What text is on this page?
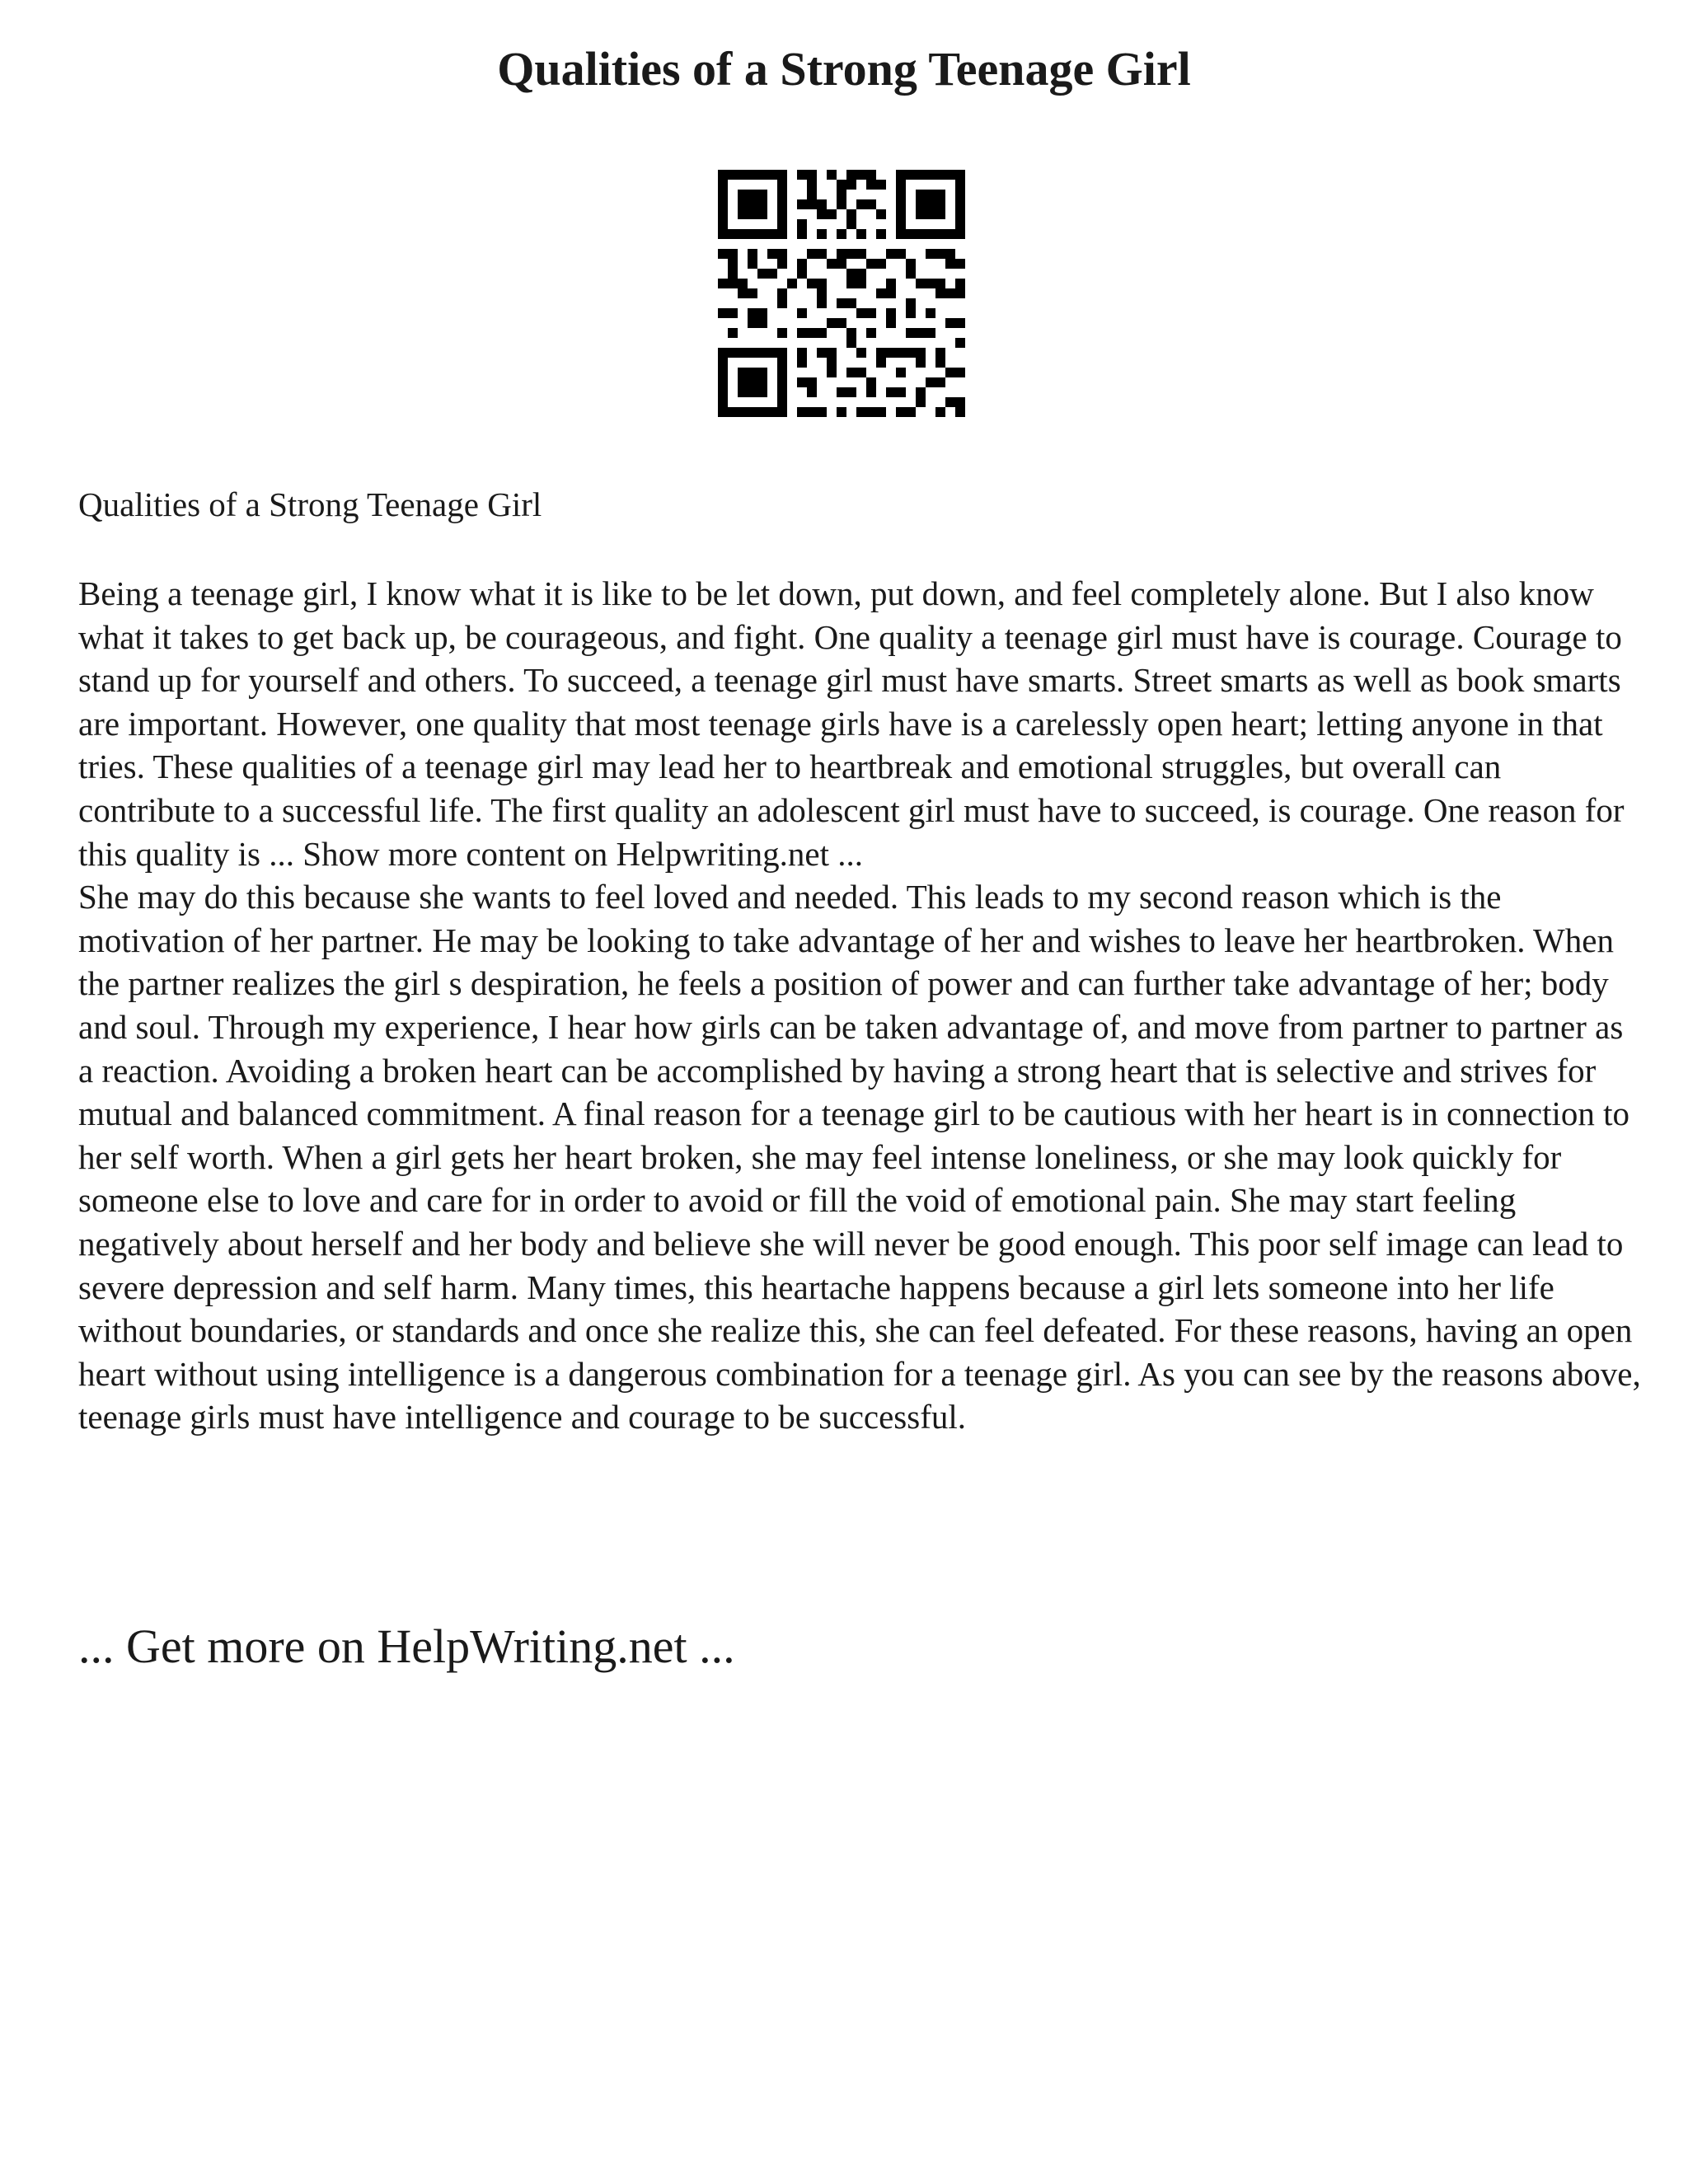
Qualities of a Strong Teenage Girl
Qualities of a Strong Teenage Girl

Being a teenage girl, I know what it is like to be let down, put down, and feel completely alone. But I also know what it takes to get back up, be courageous, and fight. One quality a teenage girl must have is courage. Courage to stand up for yourself and others. To succeed, a teenage girl must have smarts. Street smarts as well as book smarts are important. However, one quality that most teenage girls have is a carelessly open heart; letting anyone in that tries. These qualities of a teenage girl may lead her to heartbreak and emotional struggles, but overall can contribute to a successful life. The first quality an adolescent girl must have to succeed, is courage. One reason for this quality is ... Show more content on Helpwriting.net ...

She may do this because she wants to feel loved and needed. This leads to my second reason which is the motivation of her partner. He may be looking to take advantage of her and wishes to leave her heartbroken. When the partner realizes the girl s despiration, he feels a position of power and can further take advantage of her; body and soul. Through my experience, I hear how girls can be taken advantage of, and move from partner to partner as a reaction. Avoiding a broken heart can be accomplished by having a strong heart that is selective and strives for mutual and balanced commitment. A final reason for a teenage girl to be cautious with her heart is in connection to her self worth. When a girl gets her heart broken, she may feel intense loneliness, or she may look quickly for someone else to love and care for in order to avoid or fill the void of emotional pain. She may start feeling negatively about herself and her body and believe she will never be good enough. This poor self image can lead to severe depression and self harm. Many times, this heartache happens because a girl lets someone into her life without boundaries, or standards and once she realize this, she can feel defeated. For these reasons, having an open heart without using intelligence is a dangerous combination for a teenage girl. As you can see by the reasons above, teenage girls must have intelligence and courage to be successful.

... Get more on HelpWriting.net ...
